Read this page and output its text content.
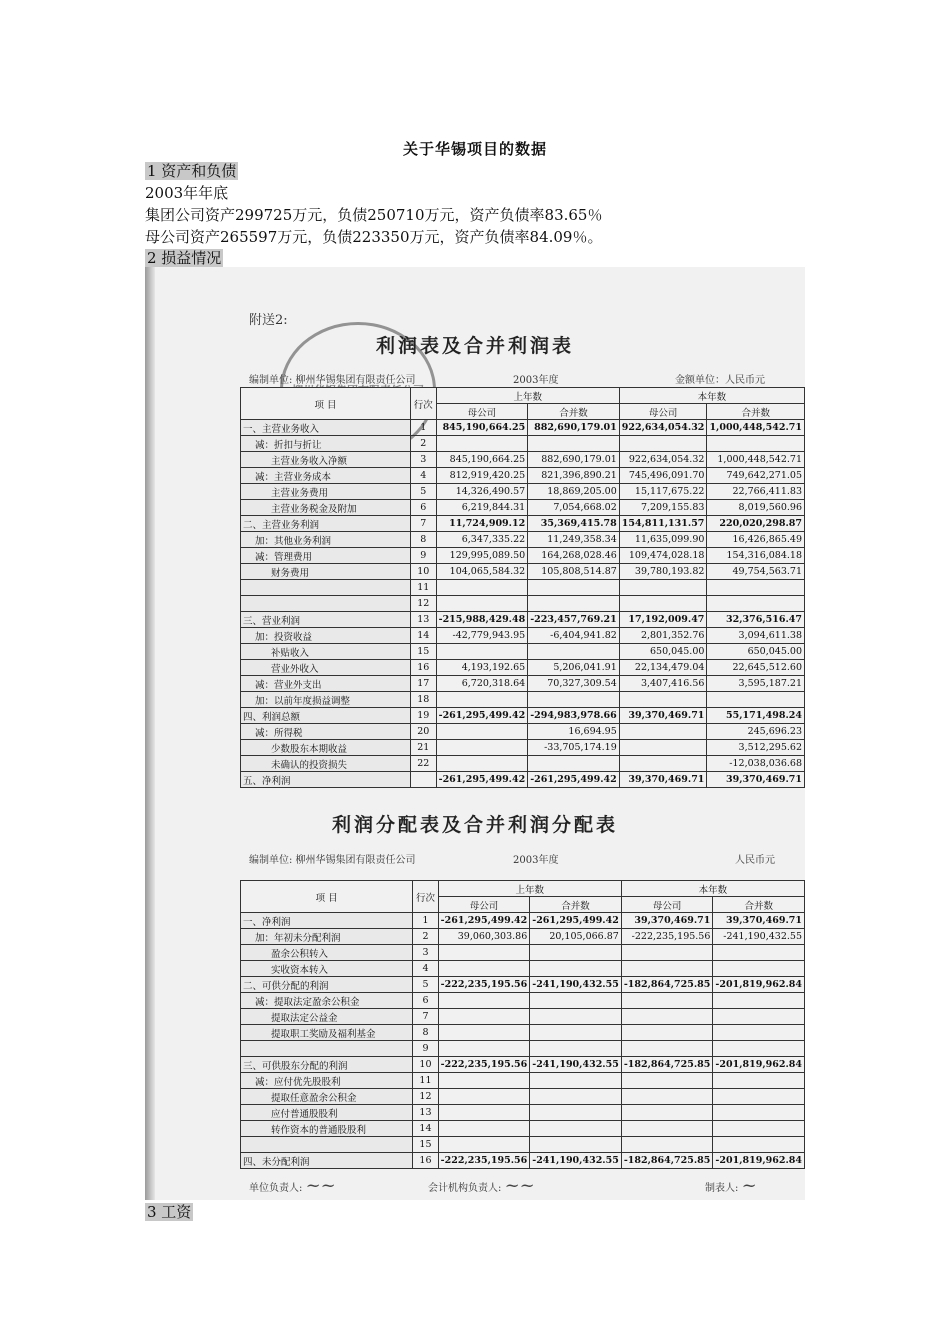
关于华锡项目的数据
1 资产和负债
2003年年底
集团公司资产299725万元，负债250710万元，资产负债率83.65％
母公司资产265597万元，负债223350万元，资产负债率84.09％。
2 损益情况
附送2:
利润表及合并利润表
编制单位: 柳州华锡集团有限责任公司	2003年度	金额单位：人民币元
项 目	行次	上年数		本年数	
		母公司	合并数	母公司	合并数
一、主营业务收入	1	845,190,664.25	882,690,179.01	922,634,054.32	1,000,448,542.71
减：折扣与折让	2				
主营业务收入净额	3	845,190,664.25	882,690,179.01	922,634,054.32	1,000,448,542.71
减：主营业务成本	4	812,919,420.25	821,396,890.21	745,496,091.70	749,642,271.05
主营业务费用	5	14,326,490.57	18,869,205.00	15,117,675.22	22,766,411.83
主营业务税金及附加	6	6,219,844.31	7,054,668.02	7,209,155.83	8,019,560.96
二、主营业务利润	7	11,724,909.12	35,369,415.78	154,811,131.57	220,020,298.87
加：其他业务利润	8	6,347,335.22	11,249,358.34	11,635,099.90	16,426,865.49
减：管理费用	9	129,995,089.50	164,268,028.46	109,474,028.18	154,316,084.18
财务费用	10	104,065,584.32	105,808,514.87	39,780,193.82	49,754,563.71
	11				
	12				
三、营业利润	13	-215,988,429.48	-223,457,769.21	17,192,009.47	32,376,516.47
加：投资收益	14	-42,779,943.95	-6,404,941.82	2,801,352.76	3,094,611.38
补贴收入	15			650,045.00	650,045.00
营业外收入	16	4,193,192.65	5,206,041.91	22,134,479.04	22,645,512.60
减：营业外支出	17	6,720,318.64	70,327,309.54	3,407,416.56	3,595,187.21
加：以前年度损益调整	18				
四、利润总额	19	-261,295,499.42	-294,983,978.66	39,370,469.71	55,171,498.24
减：所得税	20		16,694.95		245,696.23
少数股东本期收益	21		-33,705,174.19		3,512,295.62
未确认的投资损失	22				-12,038,036.68
五、净利润		-261,295,499.42	-261,295,499.42	39,370,469.71	39,370,469.71
利润分配表及合并利润分配表
编制单位: 柳州华锡集团有限责任公司	2003年度	人民币元
项 目	行次	上年数		本年数	
		母公司	合并数	母公司	合并数
一、净利润	1	-261,295,499.42	-261,295,499.42	39,370,469.71	39,370,469.71
加：年初未分配利润	2	39,060,303.86	20,105,066.87	-222,235,195.56	-241,190,432.55
盈余公积转入	3				
实收资本转入	4				
二、可供分配的利润	5	-222,235,195.56	-241,190,432.55	-182,864,725.85	-201,819,962.84
减：提取法定盈余公积金	6				
提取法定公益金	7				
提取职工奖励及福利基金	8				
	9				
三、可供股东分配的利润	10	-222,235,195.56	-241,190,432.55	-182,864,725.85	-201,819,962.84
减：应付优先股股利	11				
提取任意盈余公积金	12				
应付普通股股利	13				
转作资本的普通股股利	14				
	15				
四、未分配利润	16	-222,235,195.56	-241,190,432.55	-182,864,725.85	-201,819,962.84
单位负责人: ~~	会计机构负责人: ~~	制表人: ~
3 工资
